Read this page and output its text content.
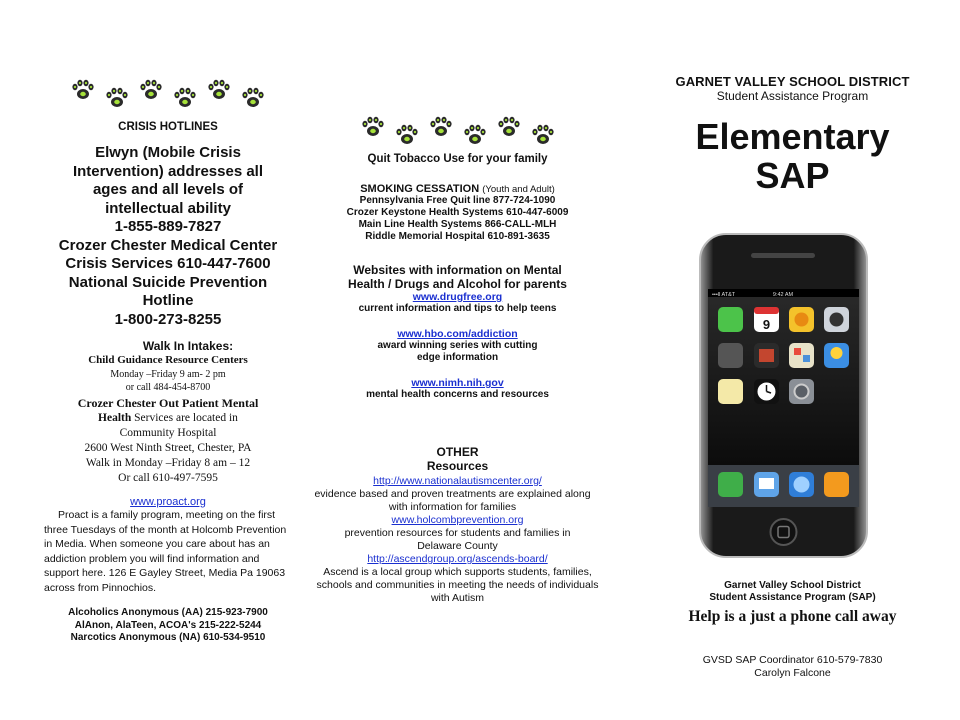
CRISIS HOTLINES
Elwyn (Mobile Crisis
Intervention) addresses all
ages and all levels of
intellectual ability
1-855-889-7827
Crozer Chester Medical Center
Crisis Services 610-447-7600
National Suicide Prevention
Hotline
1-800-273-8255
Walk In Intakes:
Child Guidance Resource Centers
Monday –Friday 9 am- 2 pm
or call 484-454-8700
Crozer Chester Out Patient Mental
Health Services are located in
Community Hospital
2600 West Ninth Street, Chester, PA
Walk in Monday –Friday 8 am – 12
Or call 610-497-7595
www.proact.org

Proact is a family program, meeting on the first three Tuesdays of the month at Holcomb Prevention in Media. When someone you care about has an addiction problem you will find information and support here. 126 E Gayley Street, Media Pa 19063 across from Pinnochios.

Alcoholics Anonymous (AA) 215-923-7900
AlAnon, AlaTeen, ACOA's 215-222-5244
Narcotics Anonymous (NA) 610-534-9510
Quit Tobacco Use for your family
SMOKING CESSATION (Youth and Adult)
Pennsylvania Free Quit line 877-724-1090
Crozer Keystone Health Systems 610-447-6009
Main Line Health Systems 866-CALL-MLH
Riddle Memorial Hospital 610-891-3635
Websites with information on Mental Health / Drugs and Alcohol for parents
www.drugfree.org
current information and tips to help teens
www.hbo.com/addiction
award winning series with cutting edge information
www.nimh.nih.gov
mental health concerns and resources
OTHER
Resources
http://www.nationalautismcenter.org/
evidence based and proven treatments are explained along with information for families
www.holcombprevention.org
prevention resources for students and families in Delaware County
http://ascendgroup.org/ascends-board/
Ascend is a local group which supports students, families, schools and communities in meeting the needs of individuals with Autism
GARNET VALLEY SCHOOL DISTRICT
Student Assistance Program
Elementary
SAP
Garnet Valley School District
Student Assistance Program (SAP)
Help is a just a phone call away
GVSD SAP Coordinator 610-579-7830
Carolyn Falcone
•••ll AT&T	9:42 AM
9
